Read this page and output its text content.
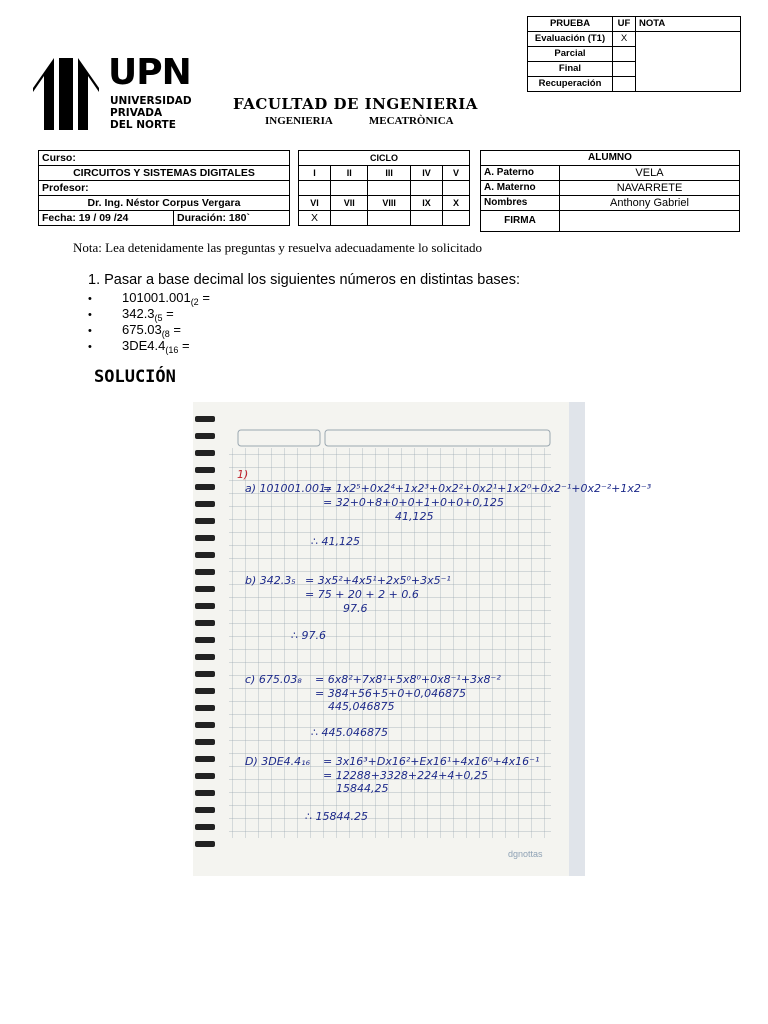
PRUEBA	UF	NOTA
Evaluación (T1)	X	
Parcial		
Final		
Recuperación		
UPN
UNIVERSIDAD
PRIVADA
DEL NORTE
FACULTAD DE INGENIERIA
INGENIERIA	MECATRÒNICA
Curso:
CIRCUITOS Y SISTEMAS DIGITALES
Profesor:
Dr. Ing. Néstor Corpus Vergara
Fecha: 19 / 09 /24	Duración: 180`
CICLO				
I	II	III	IV	V

VI	VII	VIII	IX	X
X				
ALUMNO	
A. Paterno	VELA
A. Materno	NAVARRETE
Nombres	Anthony Gabriel
FIRMA	
Nota: Lea detenidamente las preguntas y resuelva adecuadamente lo solicitado
1. Pasar a base decimal los siguientes números en distintas bases:
• $101001.001_{(2}$ =
• $342.3_{(5}$ =
• $675.03_{(8}$ =
• $3DE4.4_{(16}$ =
SOLUCIÓN
1)
a) 101001.001₂
= 1x2⁵+0x2⁴+1x2³+0x2²+0x2¹+1x2⁰+0x2⁻¹+0x2⁻²+1x2⁻³
= 32+0+8+0+0+1+0+0+0,125
41,125
∴ 41,125
b) 342.3₅ = 3x5²+4x5¹+2x5⁰+3x5⁻¹
= 75 + 20 + 2 + 0.6
97.6
∴ 97.6
c) 675.03₈ = 6x8²+7x8¹+5x8⁰+0x8⁻¹+3x8⁻²
= 384+56+5+0+0,046875
445,046875
∴ 445.046875
D) 3DE4.4₁₆ = 3x16³+Dx16²+Ex16¹+4x16⁰+4x16⁻¹
= 12288+3328+224+4+0,25
15844,25
∴ 15844.25
dgnottas
